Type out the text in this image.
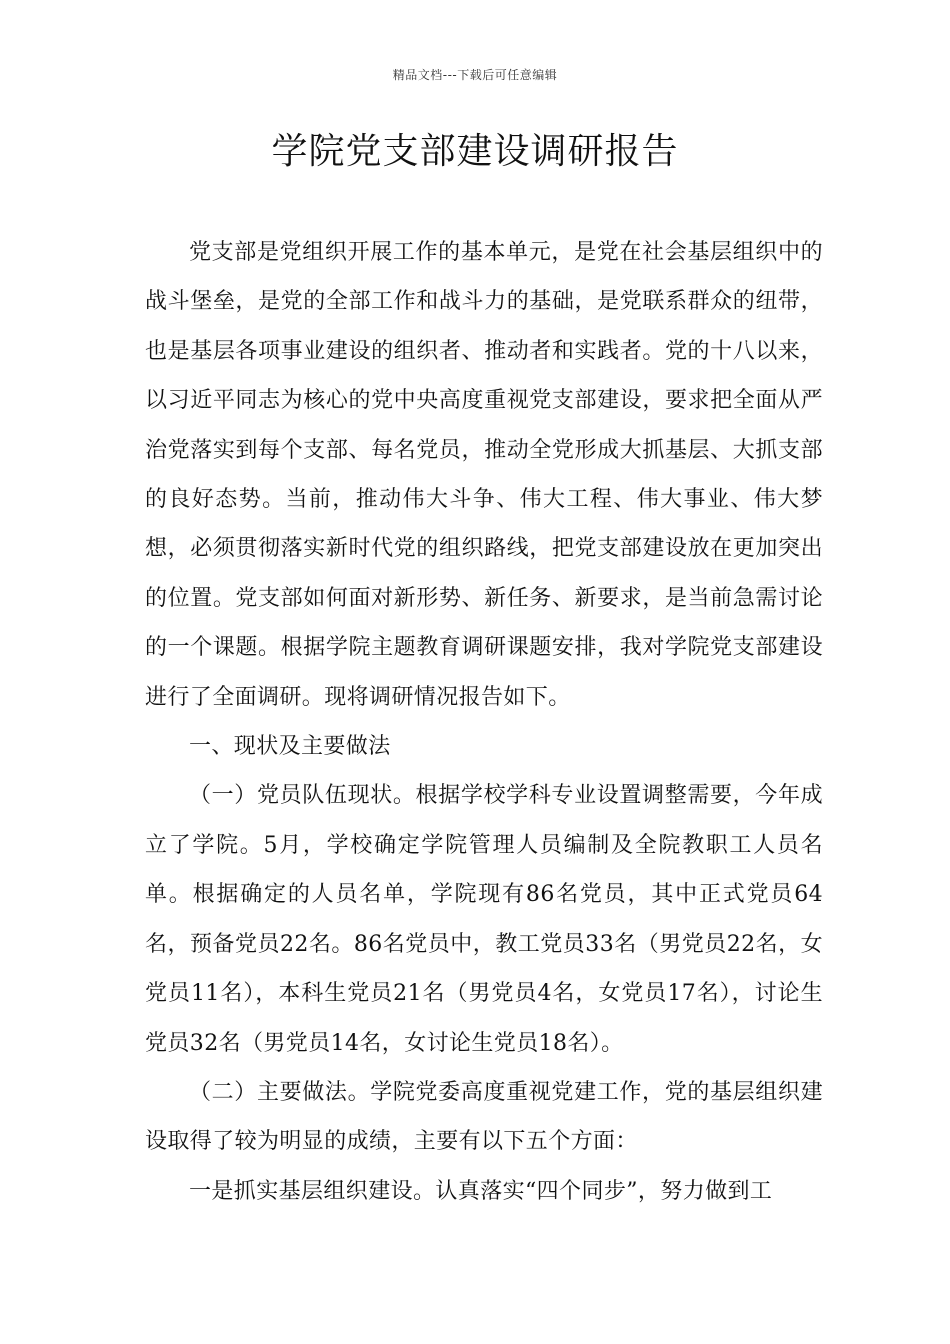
精品文档---下载后可任意编辑
学院党支部建设调研报告

党支部是党组织开展工作的基本单元，是党在社会基层组织中的战斗堡垒，是党的全部工作和战斗力的基础，是党联系群众的纽带，也是基层各项事业建设的组织者、推动者和实践者。党的十八以来，以习近平同志为核心的党中央高度重视党支部建设，要求把全面从严治党落实到每个支部、每名党员，推动全党形成大抓基层、大抓支部的良好态势。当前，推动伟大斗争、伟大工程、伟大事业、伟大梦想，必须贯彻落实新时代党的组织路线，把党支部建设放在更加突出的位置。党支部如何面对新形势、新任务、新要求，是当前急需讨论的一个课题。根据学院主题教育调研课题安排，我对学院党支部建设进行了全面调研。现将调研情况报告如下。

一、现状及主要做法

（一）党员队伍现状。根据学校学科专业设置调整需要，今年成立了学院。5月，学校确定学院管理人员编制及全院教职工人员名单。根据确定的人员名单，学院现有86名党员，其中正式党员64名，预备党员22名。86名党员中，教工党员33名（男党员22名，女党员11名），本科生党员21名（男党员4名，女党员17名），讨论生党员32名（男党员14名，女讨论生党员18名）。

（二）主要做法。学院党委高度重视党建工作，党的基层组织建设取得了较为明显的成绩，主要有以下五个方面：

一是抓实基层组织建设。认真落实“四个同步”，努力做到工
